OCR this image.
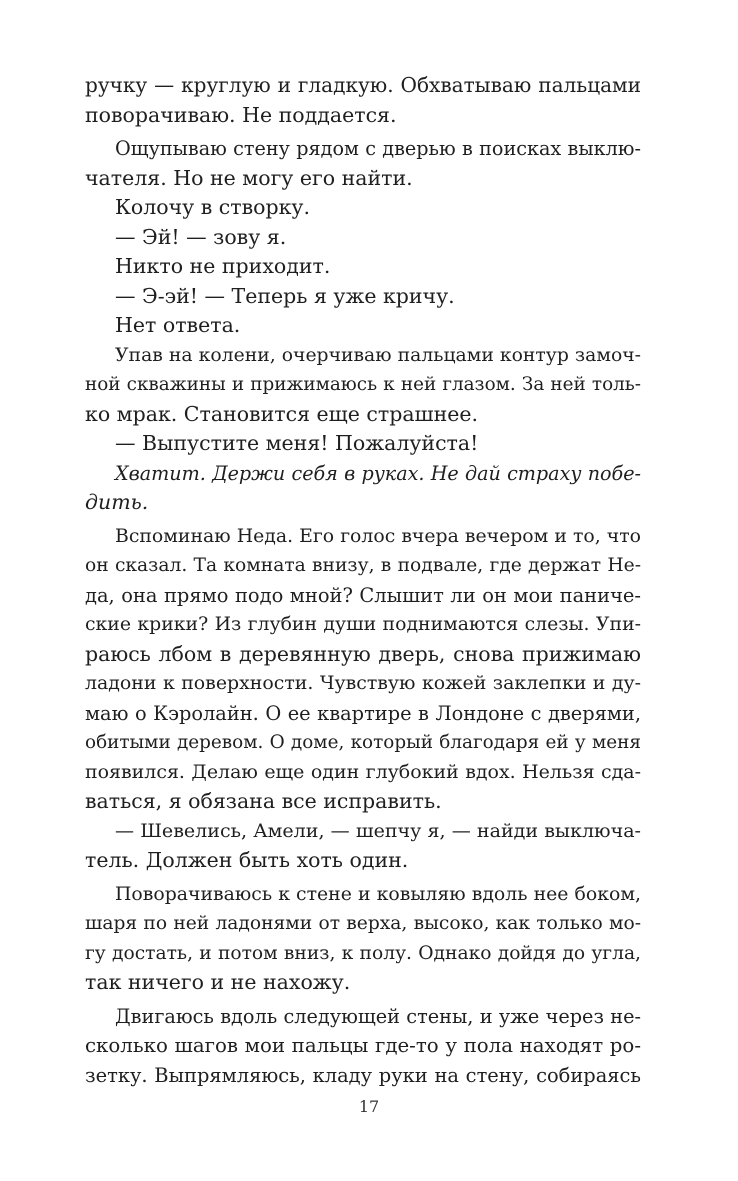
ручку — круглую и гладкую. Обхватываю пальцами
поворачиваю. Не поддается.
Ощупываю стену рядом с дверью в поисках выклю-
чателя. Но не могу его найти.
Колочу в створку.
— Эй! — зову я.
Никто не приходит.
— Э-эй! — Теперь я уже кричу.
Нет ответа.
Упав на колени, очерчиваю пальцами контур замоч-
ной скважины и прижимаюсь к ней глазом. За ней толь-
ко мрак. Становится еще страшнее.
— Выпустите меня! Пожалуйста!
Хватит. Держи себя в руках. Не дай страху побе-
дить.
Вспоминаю Неда. Его голос вчера вечером и то, что
он сказал. Та комната внизу, в подвале, где держат Не-
да, она прямо подо мной? Слышит ли он мои паниче-
ские крики? Из глубин души поднимаются слезы. Упи-
раюсь лбом в деревянную дверь, снова прижимаю
ладони к поверхности. Чувствую кожей заклепки и ду-
маю о Кэролайн. О ее квартире в Лондоне с дверями,
обитыми деревом. О доме, который благодаря ей у меня
появился. Делаю еще один глубокий вдох. Нельзя сда-
ваться, я обязана все исправить.
— Шевелись, Амели, — шепчу я, — найди выключа-
тель. Должен быть хоть один.
Поворачиваюсь к стене и ковыляю вдоль нее боком,
шаря по ней ладонями от верха, высоко, как только мо-
гу достать, и потом вниз, к полу. Однако дойдя до угла,
так ничего и не нахожу.
Двигаюсь вдоль следующей стены, и уже через не-
сколько шагов мои пальцы где-то у пола находят ро-
зетку. Выпрямляюсь, кладу руки на стену, собираясь
17
